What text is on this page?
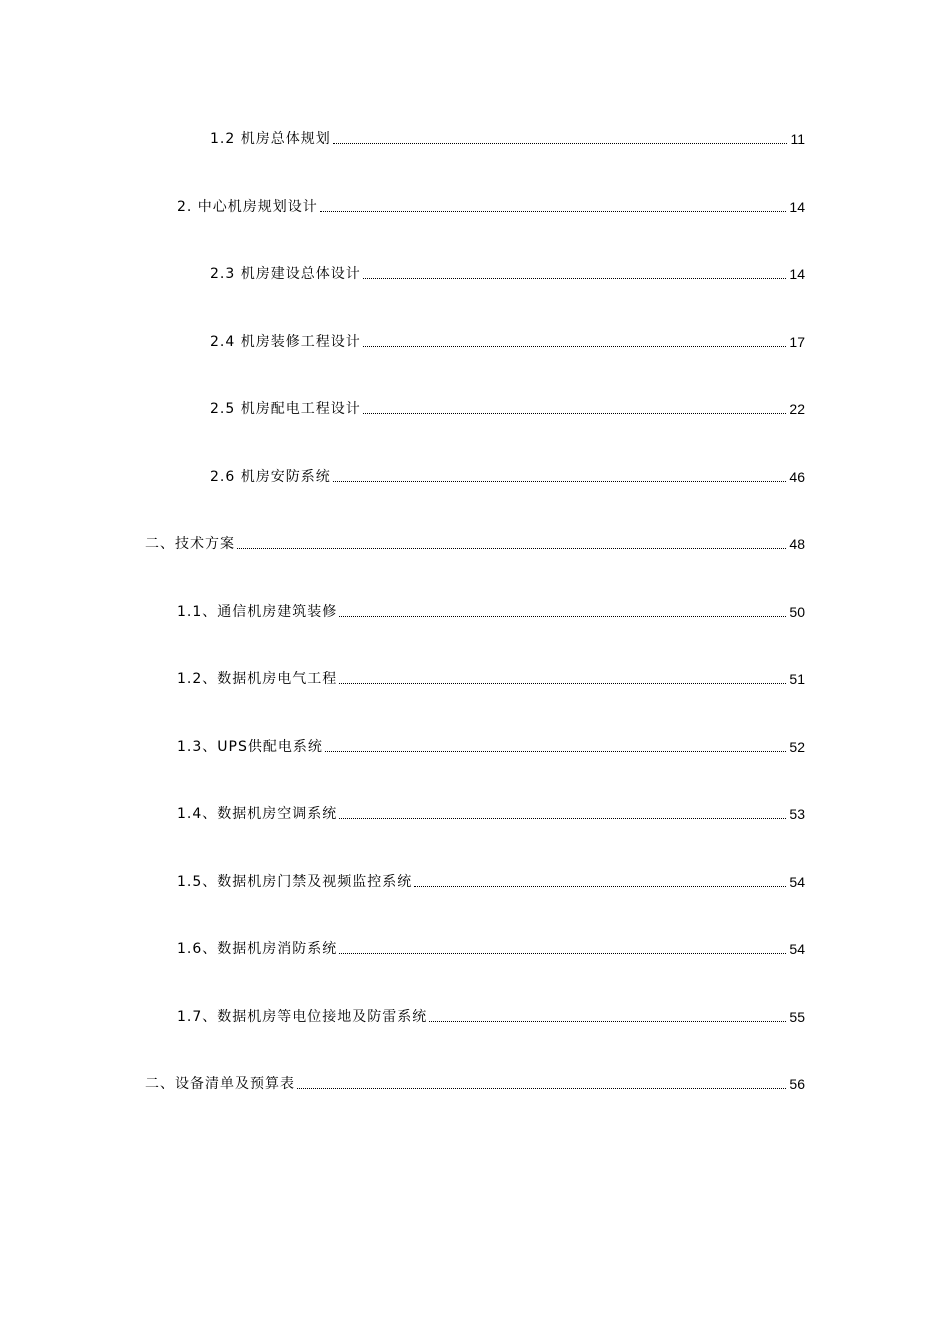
1.2 机房总体规划	11
2. 中心机房规划设计	14
2.3 机房建设总体设计	14
2.4 机房装修工程设计	17
2.5 机房配电工程设计	22
2.6 机房安防系统	46
二、技术方案	48
1.1、通信机房建筑装修	50
1.2、数据机房电气工程	51
1.3、UPS供配电系统	52
1.4、数据机房空调系统	53
1.5、数据机房门禁及视频监控系统	54
1.6、数据机房消防系统	54
1.7、数据机房等电位接地及防雷系统	55
二、设备清单及预算表	56
